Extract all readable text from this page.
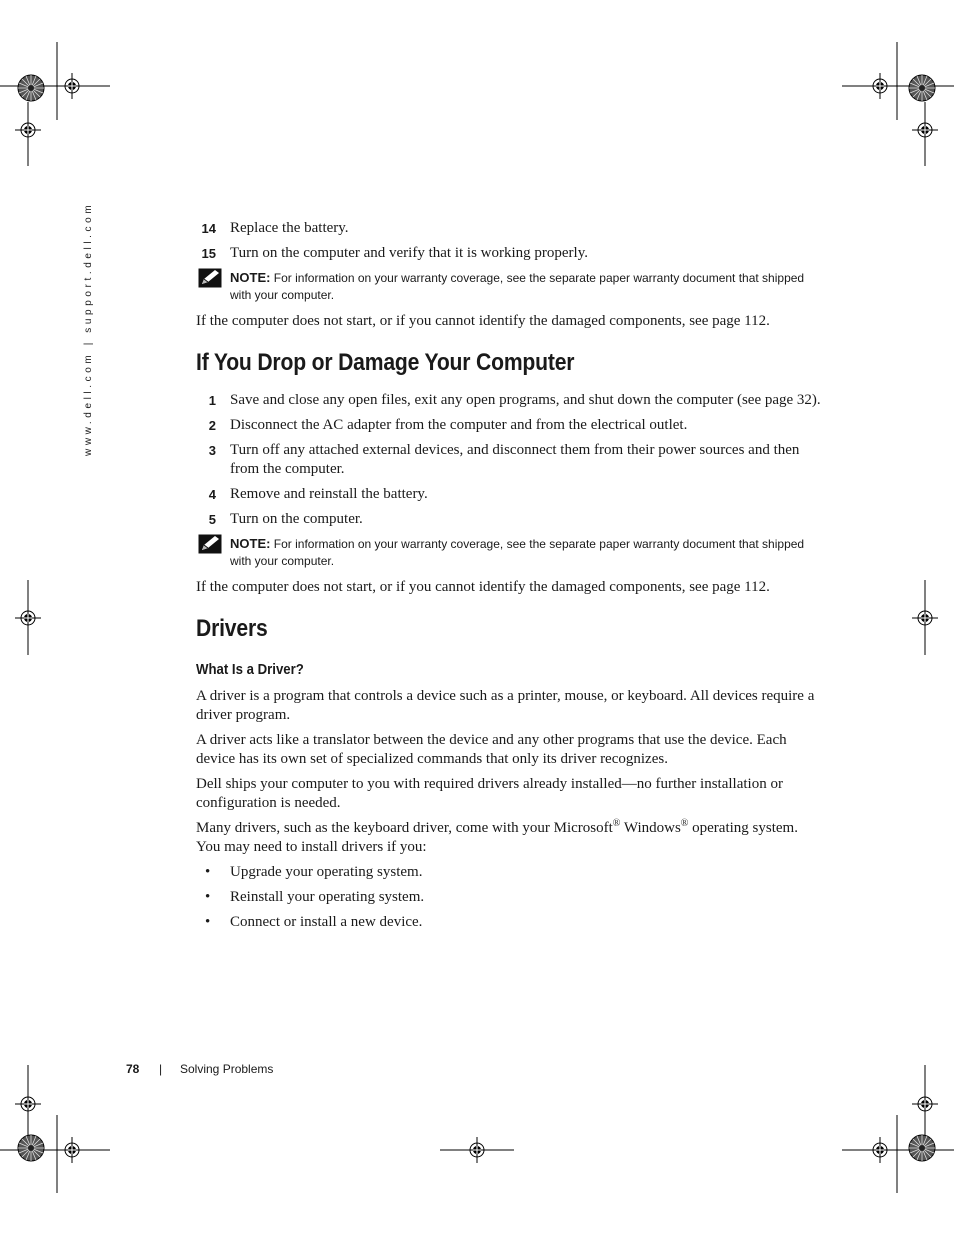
www.dell.com | support.dell.com	14 Replace the battery.
15 Turn on the computer and verify that it is working properly.
NOTE: For information on your warranty coverage, see the separate paper warranty document that shipped with your computer.

If the computer does not start, or if you cannot identify the damaged components, see page 112.

If You Drop or Damage Your Computer
1 Save and close any open files, exit any open programs, and shut down the computer (see page 32).
2 Disconnect the AC adapter from the computer and from the electrical outlet.
3 Turn off any attached external devices, and disconnect them from their power sources and then from the computer.
4 Remove and reinstall the battery.
5 Turn on the computer.
NOTE: For information on your warranty coverage, see the separate paper warranty document that shipped with your computer.

If the computer does not start, or if you cannot identify the damaged components, see page 112.

Drivers
What Is a Driver?

A driver is a program that controls a device such as a printer, mouse, or keyboard. All devices require a driver program.

A driver acts like a translator between the device and any other programs that use the device. Each device has its own set of specialized commands that only its driver recognizes.

Dell ships your computer to you with required drivers already installed—no further installation or configuration is needed.

Many drivers, such as the keyboard driver, come with your Microsoft® Windows® operating system. You may need to install drivers if you:

• Upgrade your operating system.
• Reinstall your operating system.
• Connect or install a new device.
78 | Solving Problems
